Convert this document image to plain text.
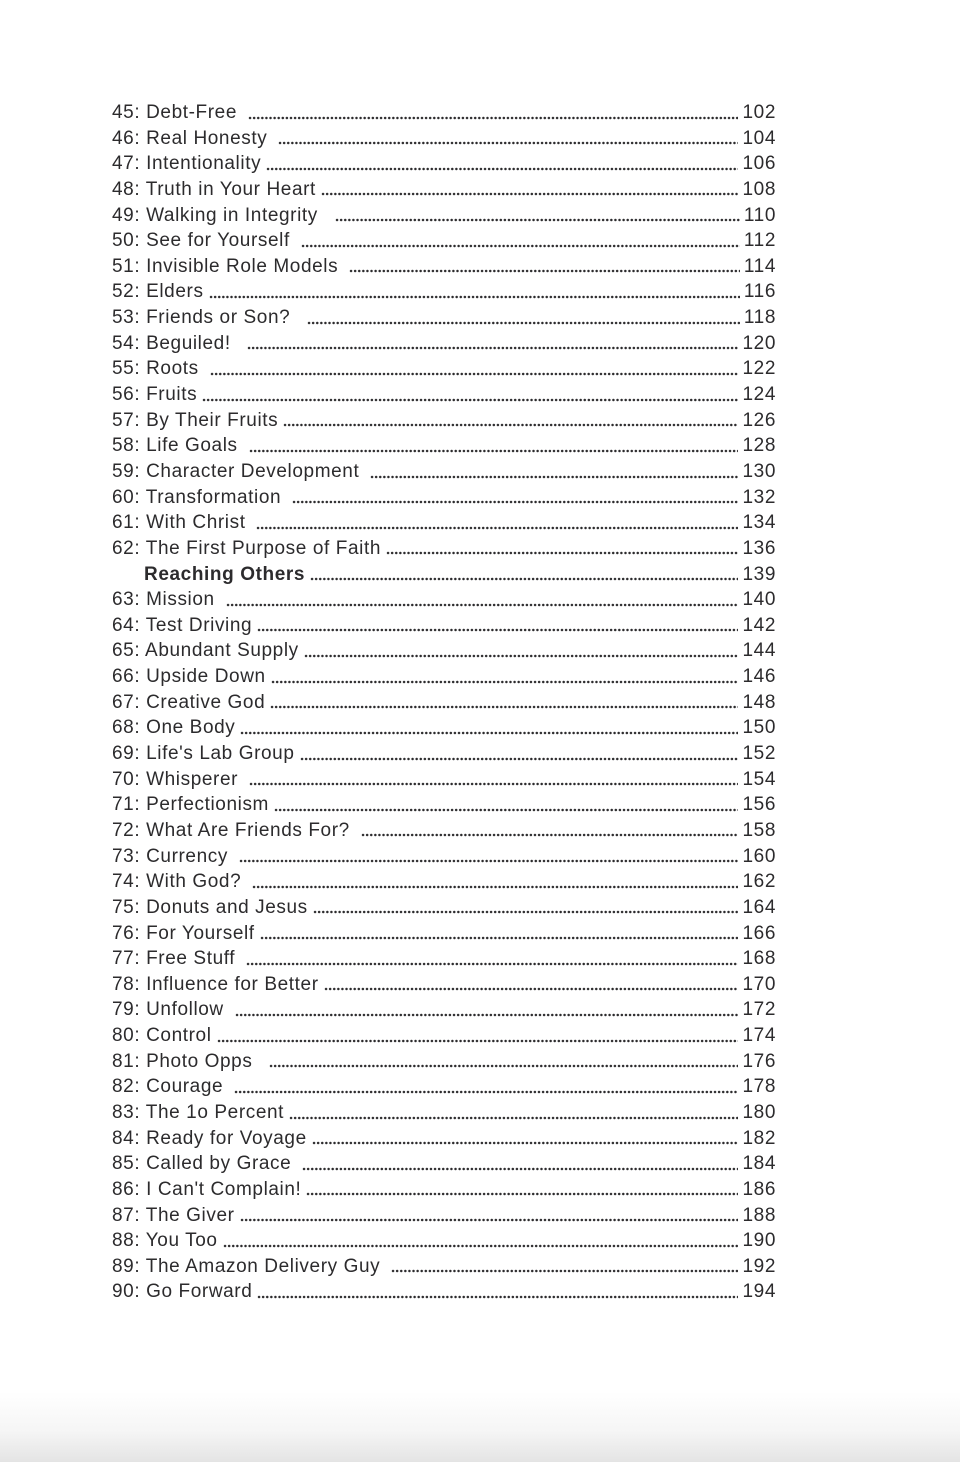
45: Debt-Free	102
46: Real Honesty	104
47: Intentionality	106
48: Truth in Your Heart	108
49: Walking in Integrity	110
50: See for Yourself	112
51: Invisible Role Models	114
52: Elders	116
53: Friends or Son?	118
54: Beguiled!	120
55: Roots	122
56: Fruits	124
57: By Their Fruits	126
58: Life Goals	128
59: Character Development	130
60: Transformation	132
61: With Christ	134
62: The First Purpose of Faith	136
Reaching Others	139
63: Mission	140
64: Test Driving	142
65: Abundant Supply	144
66: Upside Down	146
67: Creative God	148
68: One Body	150
69: Life's Lab Group	152
70: Whisperer	154
71: Perfectionism	156
72: What Are Friends For?	158
73: Currency	160
74: With God?	162
75: Donuts and Jesus	164
76: For Yourself	166
77: Free Stuff	168
78: Influence for Better	170
79: Unfollow	172
80: Control	174
81: Photo Opps	176
82: Courage	178
83: The 1o Percent	180
84: Ready for Voyage	182
85: Called by Grace	184
86: I Can't Complain!	186
87: The Giver	188
88: You Too	190
89: The Amazon Delivery Guy	192
90: Go Forward	194
